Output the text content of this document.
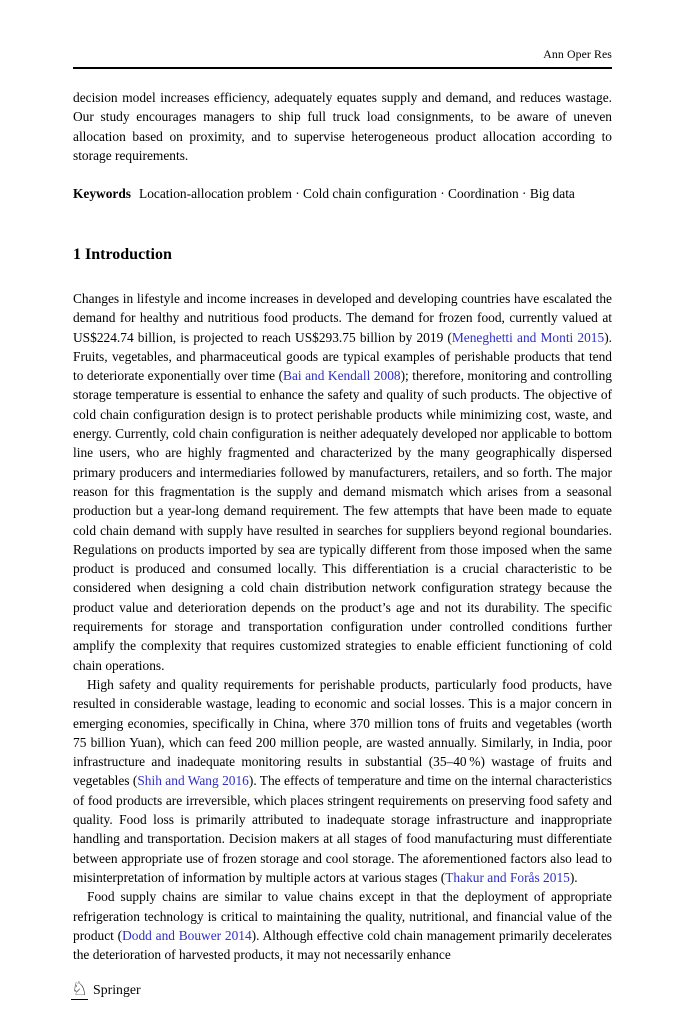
Ann Oper Res
decision model increases efficiency, adequately equates supply and demand, and reduces wastage. Our study encourages managers to ship full truck load consignments, to be aware of uneven allocation based on proximity, and to supervise heterogeneous product allocation according to storage requirements.
Keywords Location-allocation problem · Cold chain configuration · Coordination · Big data
1 Introduction

Changes in lifestyle and income increases in developed and developing countries have escalated the demand for healthy and nutritious food products. The demand for frozen food, currently valued at US$224.74 billion, is projected to reach US$293.75 billion by 2019 (Meneghetti and Monti 2015). Fruits, vegetables, and pharmaceutical goods are typical examples of perishable products that tend to deteriorate exponentially over time (Bai and Kendall 2008); therefore, monitoring and controlling storage temperature is essential to enhance the safety and quality of such products. The objective of cold chain configuration design is to protect perishable products while minimizing cost, waste, and energy. Currently, cold chain configuration is neither adequately developed nor applicable to bottom line users, who are highly fragmented and characterized by the many geographically dispersed primary producers and intermediaries followed by manufacturers, retailers, and so forth. The major reason for this fragmentation is the supply and demand mismatch which arises from a seasonal production but a year-long demand requirement. The few attempts that have been made to equate cold chain demand with supply have resulted in searches for suppliers beyond regional boundaries. Regulations on products imported by sea are typically different from those imposed when the same product is produced and consumed locally. This differentiation is a crucial characteristic to be considered when designing a cold chain distribution network configuration strategy because the product value and deterioration depends on the product’s age and not its durability. The specific requirements for storage and transportation configuration under controlled conditions further amplify the complexity that requires customized strategies to enable efficient functioning of cold chain operations.

High safety and quality requirements for perishable products, particularly food products, have resulted in considerable wastage, leading to economic and social losses. This is a major concern in emerging economies, specifically in China, where 370 million tons of fruits and vegetables (worth 75 billion Yuan), which can feed 200 million people, are wasted annually. Similarly, in India, poor infrastructure and inadequate monitoring results in substantial (35–40 %) wastage of fruits and vegetables (Shih and Wang 2016). The effects of temperature and time on the internal characteristics of food products are irreversible, which places stringent requirements on preserving food safety and quality. Food loss is primarily attributed to inadequate storage infrastructure and inappropriate handling and transportation. Decision makers at all stages of food manufacturing must differentiate between appropriate use of frozen storage and cool storage. The aforementioned factors also lead to misinterpretation of information by multiple actors at various stages (Thakur and Forås 2015).

Food supply chains are similar to value chains except in that the deployment of appropriate refrigeration technology is critical to maintaining the quality, nutritional, and financial value of the product (Dodd and Bouwer 2014). Although effective cold chain management primarily decelerates the deterioration of harvested products, it may not necessarily enhance

♘ Springer
